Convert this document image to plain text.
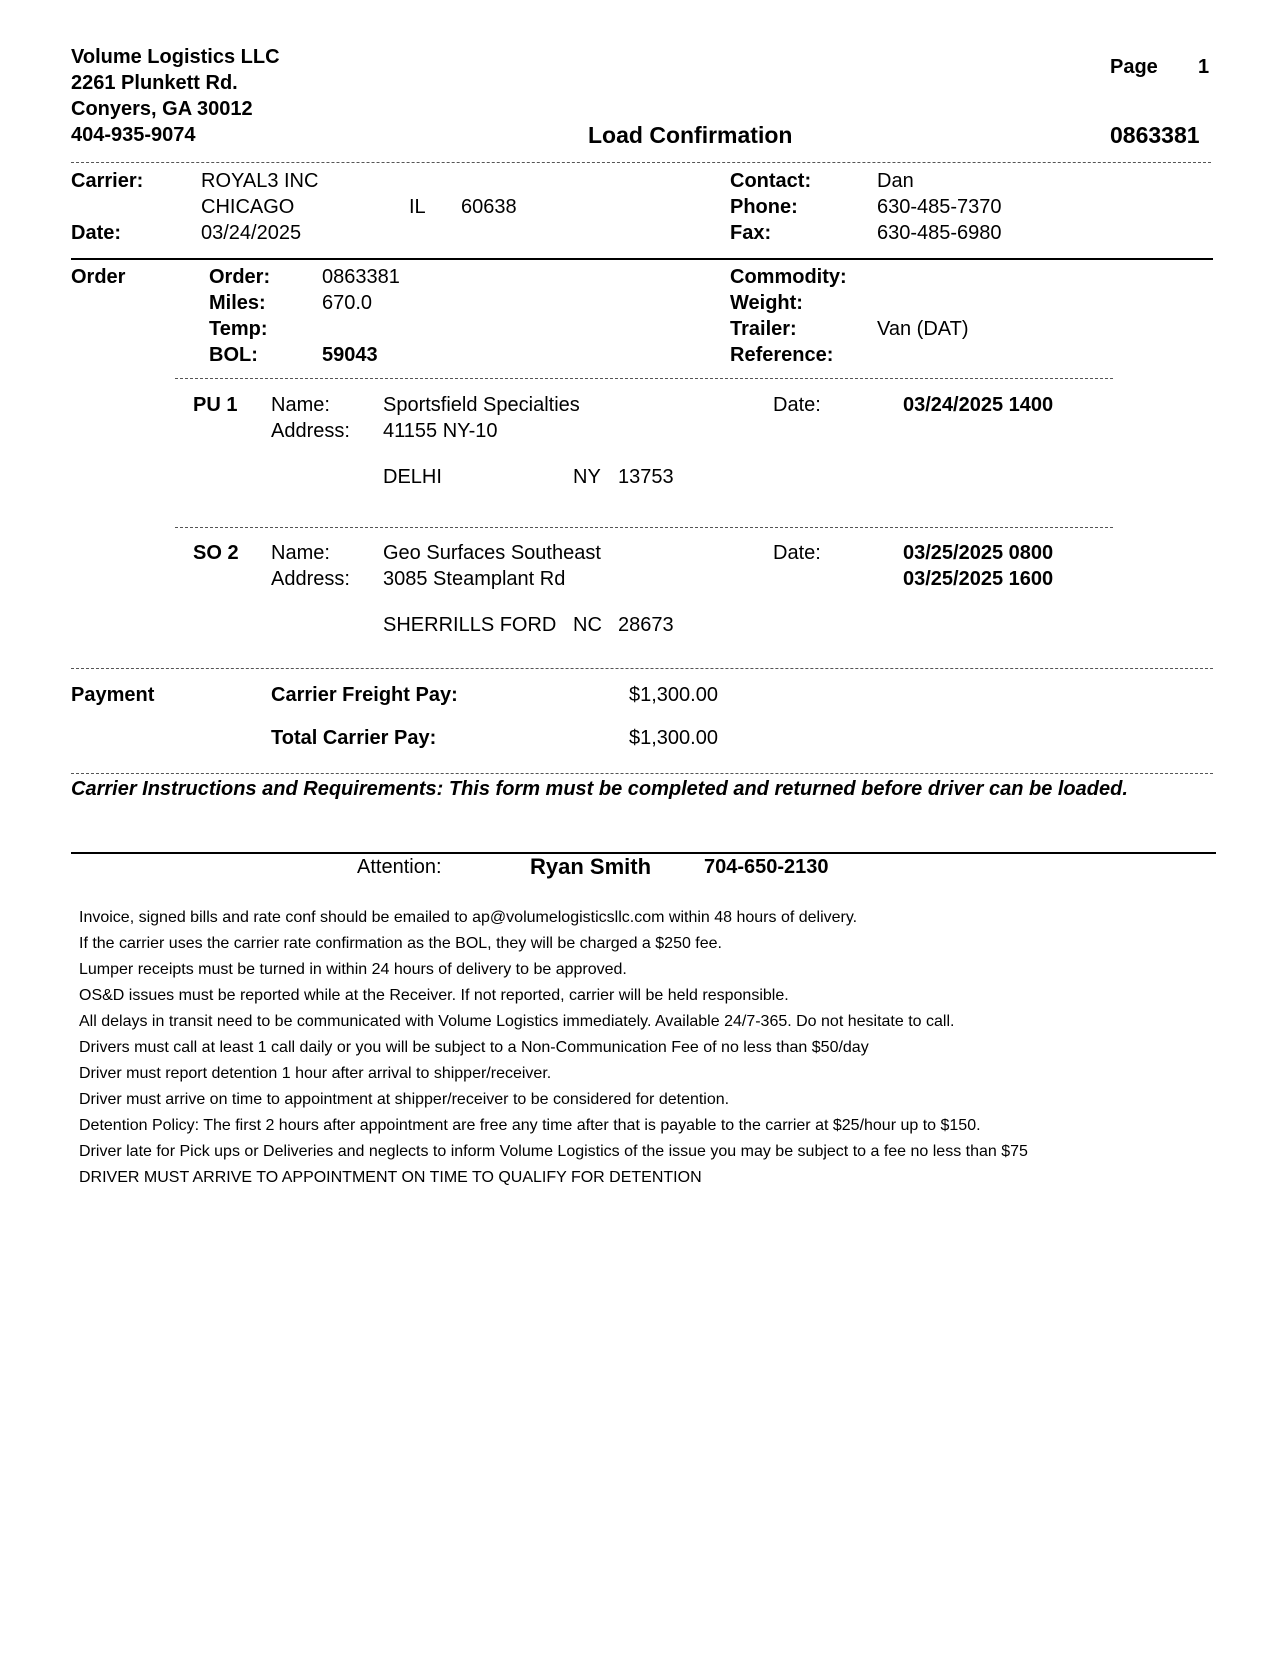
Volume Logistics LLC
2261 Plunkett Rd.
Conyers, GA 30012
404-935-9074
Page 1
Load Confirmation	0863381
Carrier:	ROYAL3 INC
CHICAGO	IL 60638
Date:	03/24/2025
Contact:	Dan
Phone:	630-485-7370
Fax:	630-485-6980
Order	Order:	0863381
Miles:	670.0
Temp:
BOL:	59043
Commodity:
Weight:
Trailer:	Van (DAT)
Reference:
PU 1 Name:	Sportsfield Specialties
Address: 41155 NY-10
DELHI	NY 13753
Date:	03/24/2025 1400
SO 2 Name:	Geo Surfaces Southeast
Address: 3085 Steamplant Rd
SHERRILLS FORD NC 28673
Date:	03/25/2025 0800
03/25/2025 1600
Payment	Carrier Freight Pay:	$1,300.00
Total Carrier Pay:	$1,300.00
Carrier Instructions and Requirements: This form must be completed and returned before driver can be loaded.
Attention:	Ryan Smith	704-650-2130
Invoice, signed bills and rate conf should be emailed to ap@volumelogisticsllc.com within 48 hours of delivery.
If the carrier uses the carrier rate confirmation as the BOL, they will be charged a $250 fee.
Lumper receipts must be turned in within 24 hours of delivery to be approved.
OS&D issues must be reported while at the Receiver. If not reported, carrier will be held responsible.
All delays in transit need to be communicated with Volume Logistics immediately. Available 24/7-365. Do not hesitate to call.
Drivers must call at least 1 call daily or you will be subject to a Non-Communication Fee of no less than $50/day
Driver must report detention 1 hour after arrival to shipper/receiver.
Driver must arrive on time to appointment at shipper/receiver to be considered for detention.
Detention Policy: The first 2 hours after appointment are free any time after that is payable to the carrier at $25/hour up to $150.
Driver late for Pick ups or Deliveries and neglects to inform Volume Logistics of the issue you may be subject to a fee no less than $75
DRIVER MUST ARRIVE TO APPOINTMENT ON TIME TO QUALIFY FOR DETENTION
